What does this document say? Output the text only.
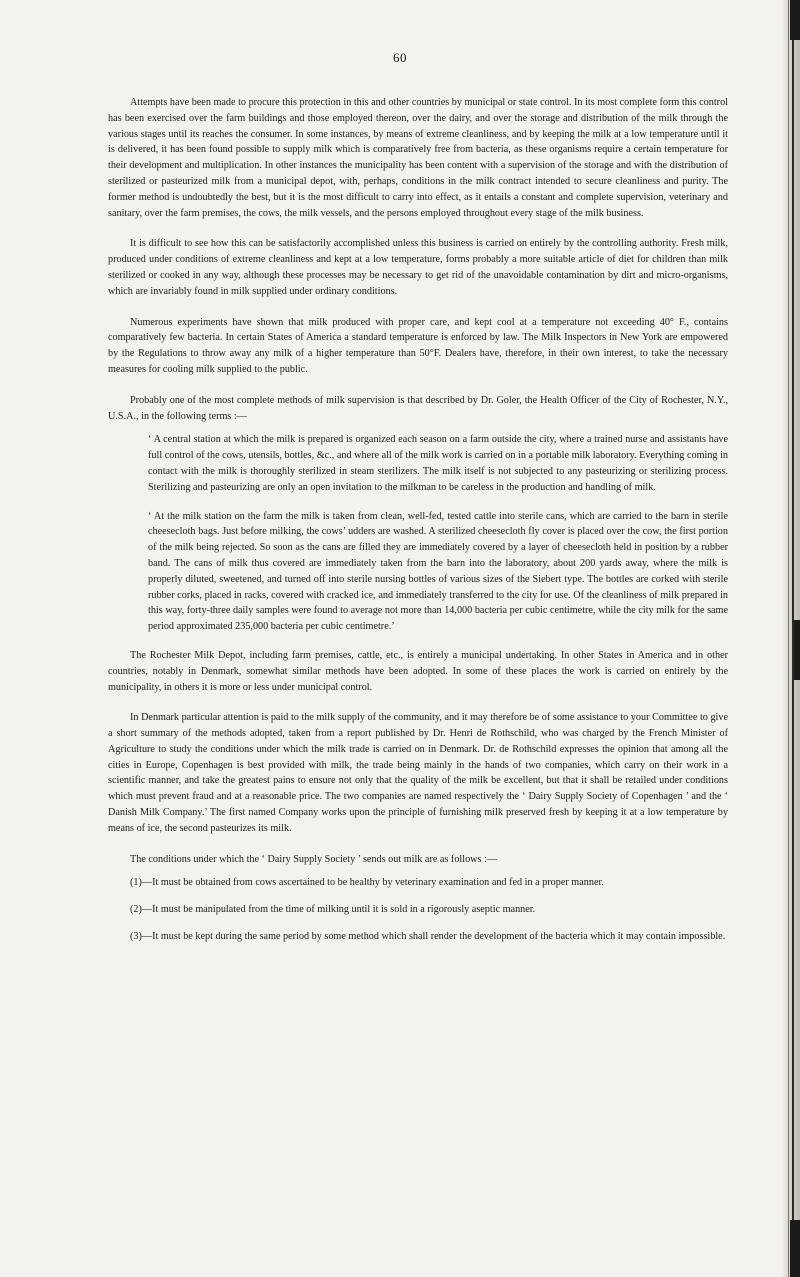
60

Attempts have been made to procure this protection in this and other countries by municipal or state control. In its most complete form this control has been exercised over the farm buildings and those employed thereon, over the dairy, and over the storage and distribution of the milk through the various stages until its reaches the consumer. In some instances, by means of extreme cleanliness, and by keeping the milk at a low temperature until it is delivered, it has been found possible to supply milk which is comparatively free from bacteria, as these organisms require a certain temperature for their development and multiplication. In other instances the municipality has been content with a supervision of the storage and with the distribution of sterilized or pasteurized milk from a municipal depot, with, perhaps, conditions in the milk contract intended to secure cleanliness and purity. The former method is undoubtedly the best, but it is the most difficult to carry into effect, as it entails a constant and complete supervision, veterinary and sanitary, over the farm premises, the cows, the milk vessels, and the persons employed throughout every stage of the milk business.

It is difficult to see how this can be satisfactorily accomplished unless this business is carried on entirely by the controlling authority. Fresh milk, produced under conditions of extreme cleanliness and kept at a low temperature, forms probably a more suitable article of diet for children than milk sterilized or cooked in any way, although these processes may be necessary to get rid of the unavoidable contamination by dirt and micro-organisms, which are invariably found in milk supplied under ordinary conditions.

Numerous experiments have shown that milk produced with proper care, and kept cool at a temperature not exceeding 40° F., contains comparatively few bacteria. In certain States of America a standard temperature is enforced by law. The Milk Inspectors in New York are empowered by the Regulations to throw away any milk of a higher temperature than 50°F. Dealers have, therefore, in their own interest, to take the necessary measures for cooling milk supplied to the public.

Probably one of the most complete methods of milk supervision is that described by Dr. Goler, the Health Officer of the City of Rochester, N.Y., U.S.A., in the following terms :—

‘ A central station at which the milk is prepared is organized each season on a farm outside the city, where a trained nurse and assistants have full control of the cows, utensils, bottles, &c., and where all of the milk work is carried on in a portable milk laboratory. Everything coming in contact with the milk is thoroughly sterilized in steam sterilizers. The milk itself is not subjected to any pasteurizing or sterilizing process. Sterilizing and pasteurizing are only an open invitation to the milkman to be careless in the production and handling of milk.

‘ At the milk station on the farm the milk is taken from clean, well-fed, tested cattle into sterile cans, which are carried to the barn in sterile cheesecloth bags. Just before milking, the cows’ udders are washed. A sterilized cheesecloth fly cover is placed over the cow, the first portion of the milk being rejected. So soon as the cans are filled they are immediately covered by a layer of cheesecloth held in position by a rubber band. The cans of milk thus covered are immediately taken from the barn into the laboratory, about 200 yards away, where the milk is properly diluted, sweetened, and turned off into sterile nursing bottles of various sizes of the Siebert type. The bottles are corked with sterile rubber corks, placed in racks, covered with cracked ice, and immediately transferred to the city for use. Of the cleanliness of milk prepared in this way, forty-three daily samples were found to average not more than 14,000 bacteria per cubic centimetre, while the city milk for the same period approximated 235,000 bacteria per cubic centimetre.’

The Rochester Milk Depot, including farm premises, cattle, etc., is entirely a municipal undertaking. In other States in America and in other countries, notably in Denmark, somewhat similar methods have been adopted. In some of these places the work is carried on entirely by the municipality, in others it is more or less under municipal control.

In Denmark particular attention is paid to the milk supply of the community, and it may therefore be of some assistance to your Committee to give a short summary of the methods adopted, taken from a report published by Dr. Henri de Rothschild, who was charged by the French Minister of Agriculture to study the conditions under which the milk trade is carried on in Denmark. Dr. de Rothschild expresses the opinion that among all the cities in Europe, Copenhagen is best provided with milk, the trade being mainly in the hands of two companies, which carry on their work in a scientific manner, and take the greatest pains to ensure not only that the quality of the milk be excellent, but that it shall be retailed under conditions which must prevent fraud and at a reasonable price. The two companies are named respectively the ‘ Dairy Supply Society of Copenhagen ’ and the ‘ Danish Milk Company.’ The first named Company works upon the principle of furnishing milk preserved fresh by keeping it at a low temperature by means of ice, the second pasteurizes its milk.

The conditions under which the ‘ Dairy Supply Society ’ sends out milk are as follows :—

(1)—It must be obtained from cows ascertained to be healthy by veterinary examination and fed in a proper manner.

(2)—It must be manipulated from the time of milking until it is sold in a rigorously aseptic manner.

(3)—It must be kept during the same period by some method which shall render the development of the bacteria which it may contain impossible.
